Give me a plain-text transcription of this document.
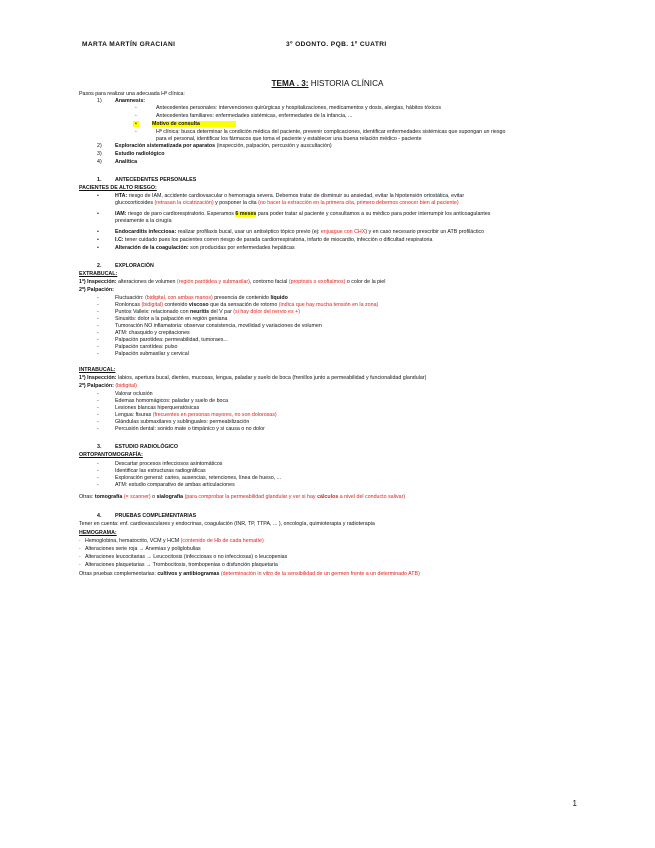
MARTA MARTÍN GRACIANI	3º ODONTO. PQB. 1º CUATRI
TEMA . 3: HISTORIA CLÍNICA
Pasos para realizar una adecuada Hª clínica:
1)	Anamnesis:
-	Antecedentes personales: intervenciones quirúrgicas y hospitalizaciones, medicamentos y dosis, alergias, hábitos tóxicos
-	Antecedentes familiares: enfermedades sistémicas, enfermedades de la infancia, ...
•	Motivo de consulta
-	Hª clínica: busca determinar la condición médica del paciente, prevenir complicaciones, identificar enfermedades sistémicas que supongan un riesgo
para el personal, identificar los fármacos que toma el paciente y establecer una buena relación médico - paciente
2)	Exploración sistematizada por aparatos (inspección, palpación, percusión y auscultación)
3)	Estudio radiológico
4)	Analítica
1.	ANTECEDENTES PERSONALES
PACIENTES DE ALTO RIESGO:
•	HTA: riesgo de IAM, accidente cardiovascular o hemorragia severa. Debemos tratar de disminuir su ansiedad, evitar la hipotensión ortostática, evitar
glucocorticoides (retrasan la cicatrización) y posponer la cita (no hacer la extracción en la primera cita, primero debemos conocer bien al paciente)
•	IAM: riesgo de paro cardiorespiratorio. Esperamos 6 meses para poder tratar al paciente y consultamos a su médico para poder interrumpir los anticoagulantes
previamente a la cirugía
•	Endocarditis infecciosa: realizar profilaxis bucal, usar un antiséptico tópico previo (ej: enjuague con CHX) y en caso necesario prescribir un ATB profiláctico
•	I.C: tener cuidado pues los pacientes corren riesgo de parada cardiorrespiratoria, infarto de miocardio, infección o dificultad respiratoria
•	Alteración de la coagulación: son producidas por enfermedades hepáticas
2.	EXPLORACIÓN
EXTRABUCAL:
1º) Inspección: alteraciones de volumen (región parótidea y submaxilar), contorno facial (proptosis o exoftalmos) o color de la piel
2º) Palpación:
-	Fluctuación: (bidigital, con ambas manos) presencia de contenido líquido
-	Ronloncas (bidigital) contenido viscoso que da sensación de rotorno (indica que hay mucha tensión en la zona)
-	Puntos Valleix: relacionado con neuritis del V par (si hay dolor del nervio es +)
-	Sinusitis: dolor a la palpación en región geniana
-	Tumoración NO inflamatoria: observar consistencia, movilidad y variaciones de volumen
-	ATM: chasquido y crepitaciones
-	Palpación parotídea: permeabilidad, tumoraes...
-	Palpación carotídea: pulso
-	Palpación submaxilar y cervical
INTRABUCAL:
1º) Inspección: labios, apertura bucal, dientes, mucosas, lengua, paladar y suelo de boca (frenillos junto a permeabilidad y funcionalidad glandular)
2º) Palpación: (bidigital)
-	Valorar oclusión
-	Edemas homomágicos: paladar y suelo de boca
-	Lesiones blancas hiperqueratósicas
-	Lengua: fisuras (frecuentes en personas mayores, no son dolorosas)
-	Glándulas submaxilares y sublinguales: permeabilización
-	Percusión dental: sonido mate o timpánico y si causa o no dolor
3.	ESTUDIO RADIOLÓGICO
ORTOPANTOMOGRAFÍA:
-	Descartar procesos infecciosos asintomáticos
-	Identificar las estructuras radiográficas
-	Exploración general: caries, ausencias, retenciones, línea de hueso, ...
-	ATM: estudio comparativo de ambas articulaciones
Otras: tomografía (= scanner) o sialografía (para comprobar la permeabilidad glandular y ver si hay cálculos a nivel del conducto salivar)
4.	PRUEBAS COMPLEMENTARIAS
Tener en cuenta: enf. cardiovasculares y endocrinas, coagulación (INR, TP, TTPA, ... ), oncología, quimioterapia y radioterapia
HEMOGRAMA:
· Hemoglobina, hematocrito, VCM y HCM (contenido de Hb de cada hematíe)
· Alteraciones serie roja → Anemias y poliglobulias
· Alteraciones leucocitarias → Leucocitosis (infecciosas o no infecciosas) o leucopenias
· Alteraciones plaquetarias → Trombocitosis, trombopenias o disfunción plaquetaria
Otras pruebas complementarias: cultivos y antibiogramas (determinación in vitro de la sensibilidad de un germen frente a un determinado ATB)
1
